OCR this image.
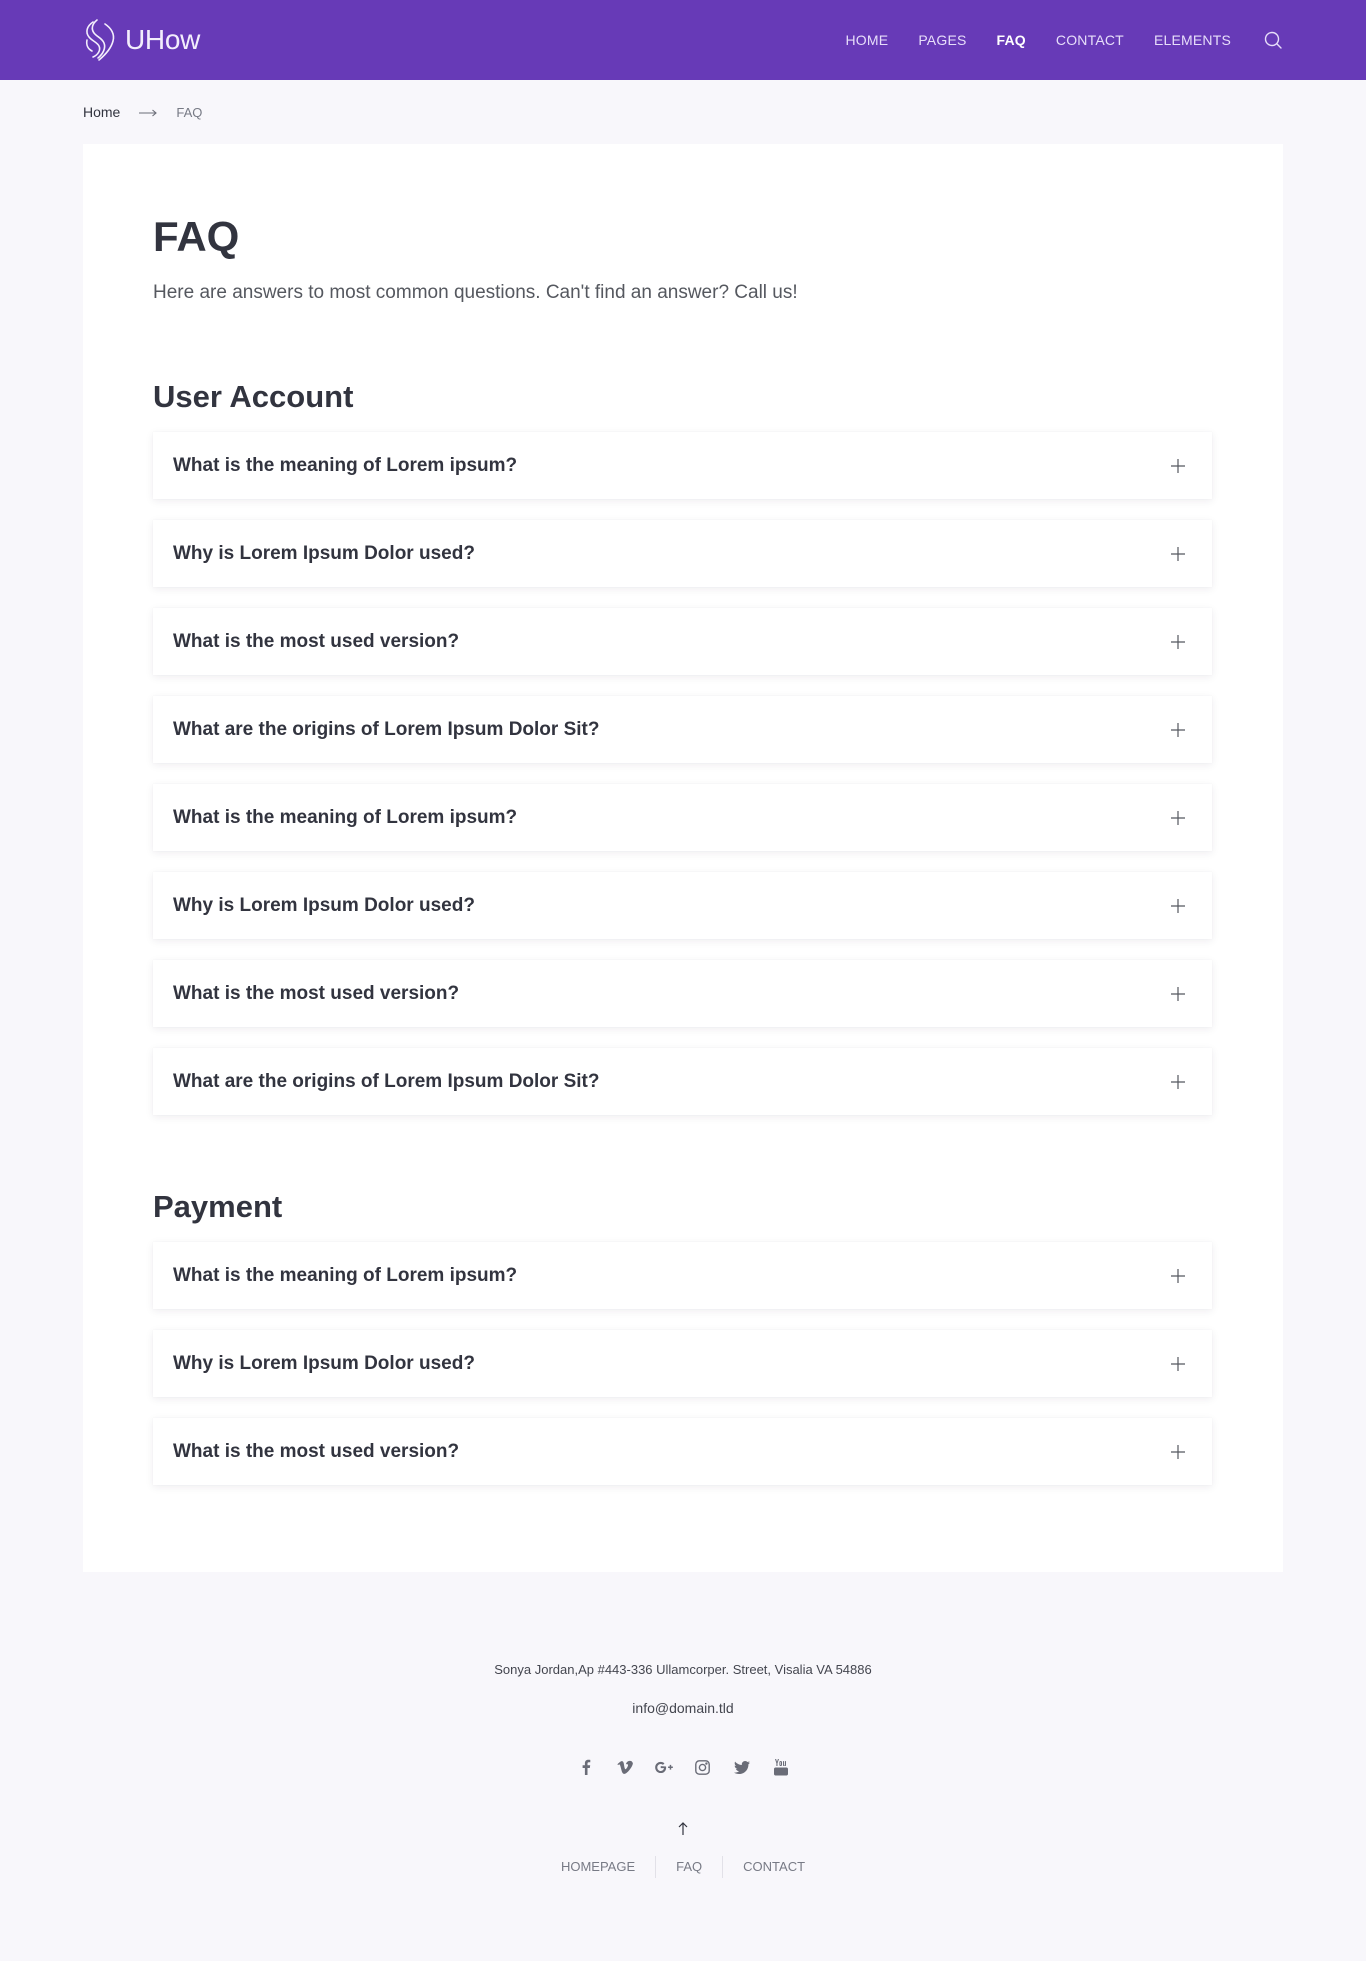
UHow	HOME PAGES FAQ CONTACT ELEMENTS
Home	FAQ
FAQ

Here are answers to most common questions. Can't find an answer? Call us!

User Account
What is the meaning of Lorem ipsum?
Why is Lorem Ipsum Dolor used?
What is the most used version?
What are the origins of Lorem Ipsum Dolor Sit?
What is the meaning of Lorem ipsum?
Why is Lorem Ipsum Dolor used?
What is the most used version?
What are the origins of Lorem Ipsum Dolor Sit?
Payment
What is the meaning of Lorem ipsum?
Why is Lorem Ipsum Dolor used?
What is the most used version?

Sonya Jordan,Ap #443-336 Ullamcorper. Street, Visalia VA 54886

info@domain.tld

HOMEPAGE	FAQ	CONTACT
